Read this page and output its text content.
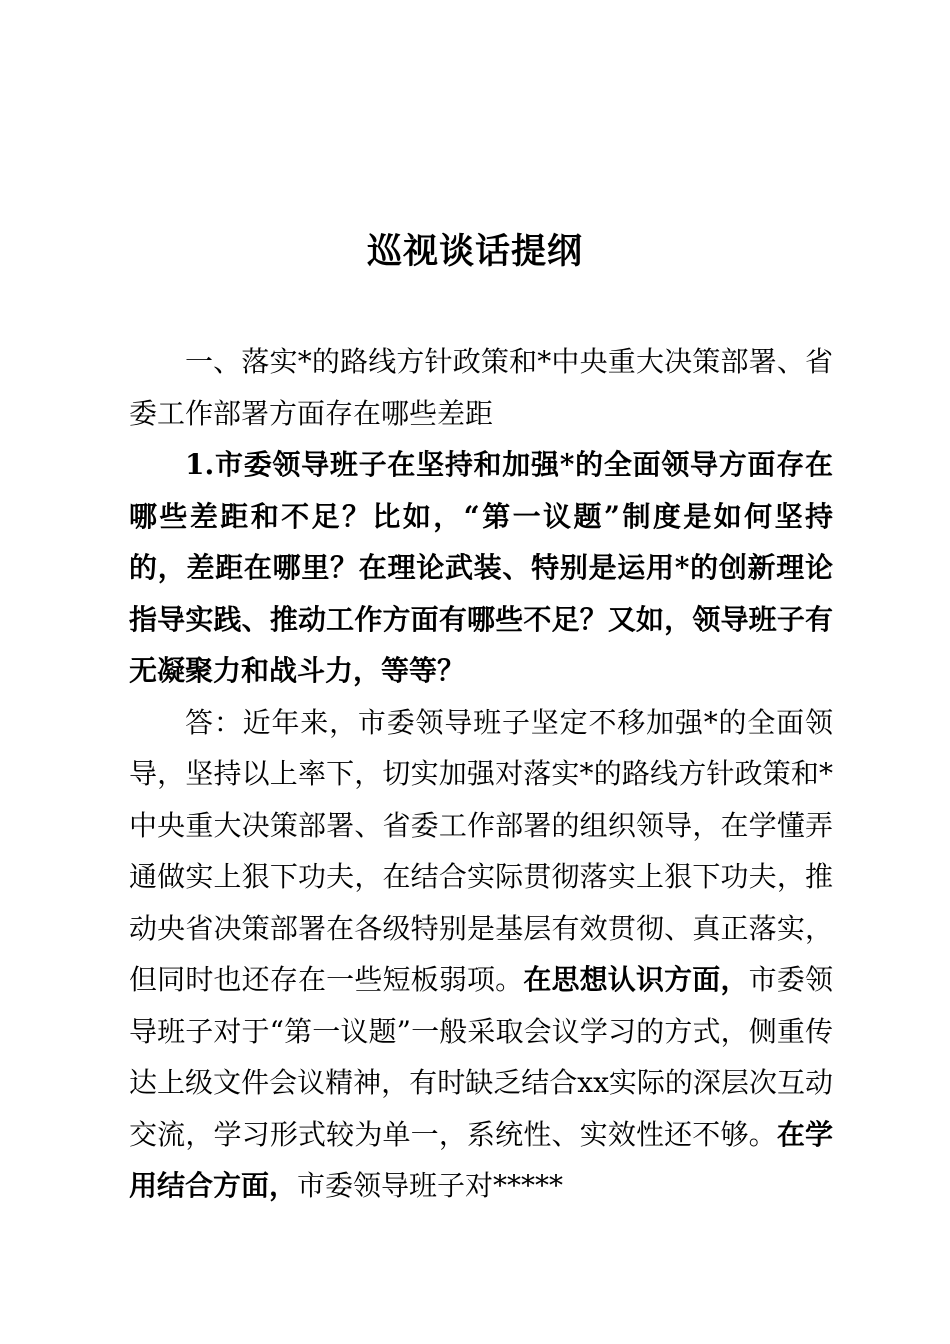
巡视谈话提纲

一、落实*的路线方针政策和*中央重大决策部署、省委工作部署方面存在哪些差距

1.市委领导班子在坚持和加强*的全面领导方面存在哪些差距和不足？比如，“第一议题”制度是如何坚持的，差距在哪里？在理论武装、特别是运用*的创新理论指导实践、推动工作方面有哪些不足？又如，领导班子有无凝聚力和战斗力，等等？

答：近年来，市委领导班子坚定不移加强*的全面领导，坚持以上率下，切实加强对落实*的路线方针政策和*中央重大决策部署、省委工作部署的组织领导，在学懂弄通做实上狠下功夫，在结合实际贯彻落实上狠下功夫，推动央省决策部署在各级特别是基层有效贯彻、真正落实，但同时也还存在一些短板弱项。在思想认识方面，市委领导班子对于“第一议题”一般采取会议学习的方式，侧重传达上级文件会议精神，有时缺乏结合xx实际的深层次互动交流，学习形式较为单一，系统性、实效性还不够。在学用结合方面，市委领导班子对*****
